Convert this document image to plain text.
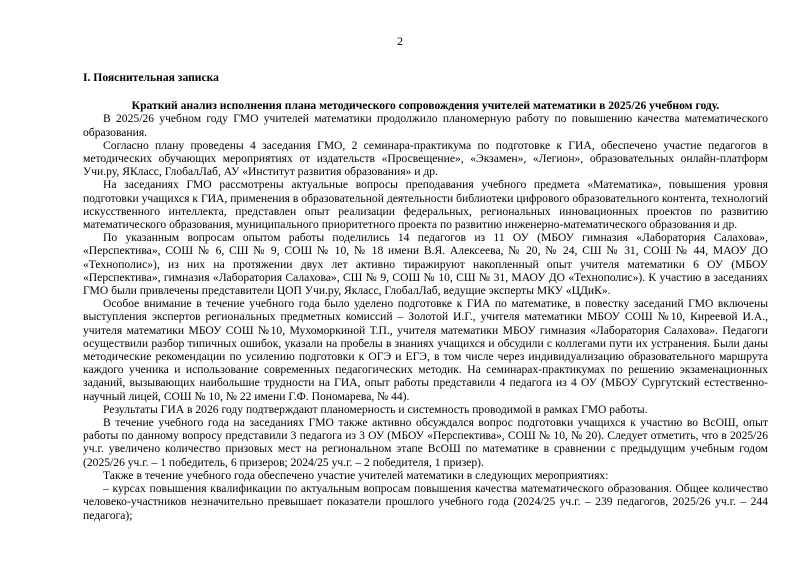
2

I. Пояснительная записка

Краткий анализ исполнения плана методического сопровождения учителей математики в 2025/26 учебном году.

В 2025/26 учебном году ГМО учителей математики продолжило планомерную работу по повышению качества математического образования.

Согласно плану проведены 4 заседания ГМО, 2 семинара-практикума по подготовке к ГИА, обеспечено участие педагогов в методических обучающих мероприятиях от издательств «Просвещение», «Экзамен», «Легион», образовательных онлайн-платформ Учи.ру, ЯКласс, ГлобалЛаб, АУ «Институт развития образования» и др.

На заседаниях ГМО рассмотрены актуальные вопросы преподавания учебного предмета «Математика», повышения уровня подготовки учащихся к ГИА, применения в образовательной деятельности библиотеки цифрового образовательного контента, технологий искусственного интеллекта, представлен опыт реализации федеральных, региональных инновационных проектов по развитию математического образования, муниципального приоритетного проекта по развитию инженерно-математического образования и др.

По указанным вопросам опытом работы поделились 14 педагогов из 11 ОУ (МБОУ гимназия «Лаборатория Салахова», «Перспектива», СОШ № 6, СШ № 9, СОШ № 10, № 18 имени В.Я. Алексеева, № 20, № 24, СШ № 31, СОШ № 44, МАОУ ДО «Технополис»), из них на протяжении двух лет активно тиражируют накопленный опыт учителя математики 6 ОУ (МБОУ «Перспектива», гимназия «Лаборатория Салахова», СШ № 9, СОШ № 10, СШ № 31, МАОУ ДО «Технополис»). К участию в заседаниях ГМО были привлечены представители ЦОП Учи.ру, Якласс, ГлобалЛаб, ведущие эксперты МКУ «ЦДиК».

Особое внимание в течение учебного года было уделено подготовке к ГИА по математике, в повестку заседаний ГМО включены выступления экспертов региональных предметных комиссий – Золотой И.Г., учителя математики МБОУ СОШ №10, Киреевой И.А., учителя математики МБОУ СОШ №10, Мухоморкиной Т.П., учителя математики МБОУ гимназия «Лаборатория Салахова». Педагоги осуществили разбор типичных ошибок, указали на пробелы в знаниях учащихся и обсудили с коллегами пути их устранения. Были даны методические рекомендации по усилению подготовки к ОГЭ и ЕГЭ, в том числе через индивидуализацию образовательного маршрута каждого ученика и использование современных педагогических методик. На семинарах-практикумах по решению экзаменационных заданий, вызывающих наибольшие трудности на ГИА, опыт работы представили 4 педагога из 4 ОУ (МБОУ Сургутский естественно-научный лицей, СОШ № 10, № 22 имени Г.Ф. Пономарева, № 44).

Результаты ГИА в 2026 году подтверждают планомерность и системность проводимой в рамках ГМО работы.

В течение учебного года на заседаниях ГМО также активно обсуждался вопрос подготовки учащихся к участию во ВсОШ, опыт работы по данному вопросу представили 3 педагога из 3 ОУ (МБОУ «Перспектива», СОШ № 10, № 20). Следует отметить, что в 2025/26 уч.г. увеличено количество призовых мест на региональном этапе ВсОШ по математике в сравнении с предыдущим учебным годом (2025/26 уч.г. – 1 победитель, 6 призеров; 2024/25 уч.г. – 2 победителя, 1 призер).

Также в течение учебного года обеспечено участие учителей математики в следующих мероприятиях:

– курсах повышения квалификации по актуальным вопросам повышения качества математического образования. Общее количество человеко-участников незначительно превышает показатели прошлого учебного года (2024/25 уч.г. – 239 педагогов, 2025/26 уч.г. – 244 педагога);
